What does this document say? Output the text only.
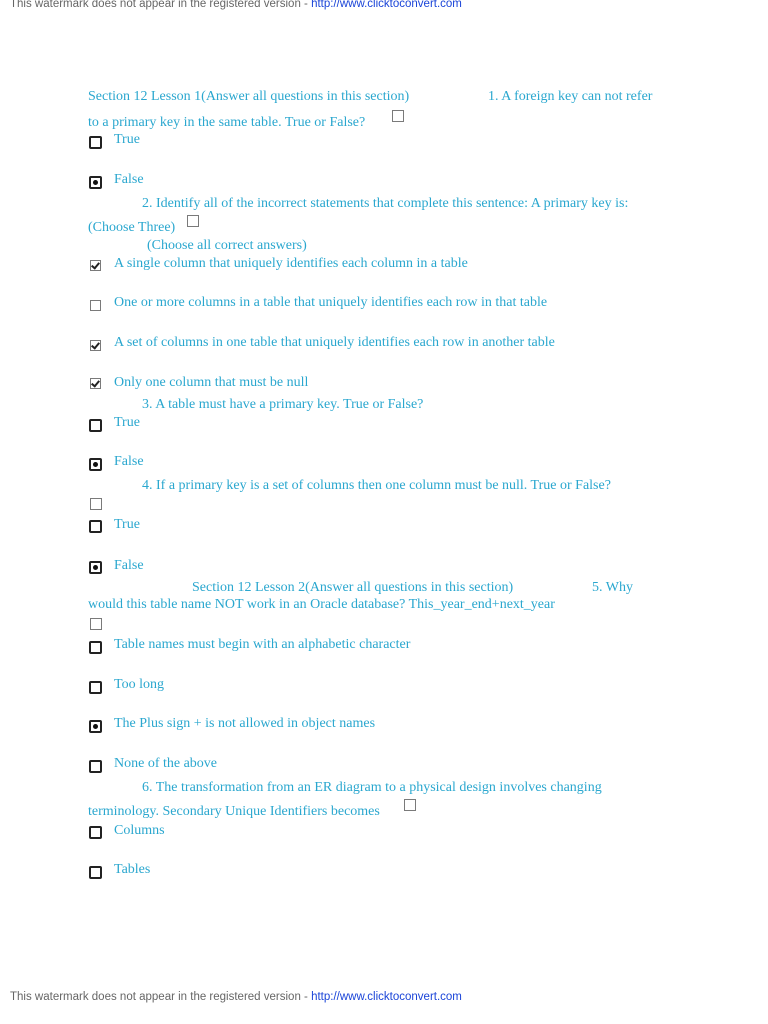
This watermark does not appear in the registered version - http://www.clicktoconvert.com
This watermark does not appear in the registered version - http://www.clicktoconvert.com
Section 12 Lesson 1(Answer all questions in this section)	1. A foreign key can not refer
to a primary key in the same table. True or False?
True
False
2. Identify all of the incorrect statements that complete this sentence: A primary key is:
(Choose Three)
(Choose all correct answers)
A single column that uniquely identifies each column in a table
One or more columns in a table that uniquely identifies each row in that table
A set of columns in one table that uniquely identifies each row in another table
Only one column that must be null
3. A table must have a primary key. True or False?
True
False
4. If a primary key is a set of columns then one column must be null. True or False?
True
False
Section 12 Lesson 2(Answer all questions in this section)	5. Why
would this table name NOT work in an Oracle database? This_year_end+next_year
Table names must begin with an alphabetic character
Too long
The Plus sign + is not allowed in object names
None of the above
6. The transformation from an ER diagram to a physical design involves changing
terminology. Secondary Unique Identifiers becomes
Columns
Tables
